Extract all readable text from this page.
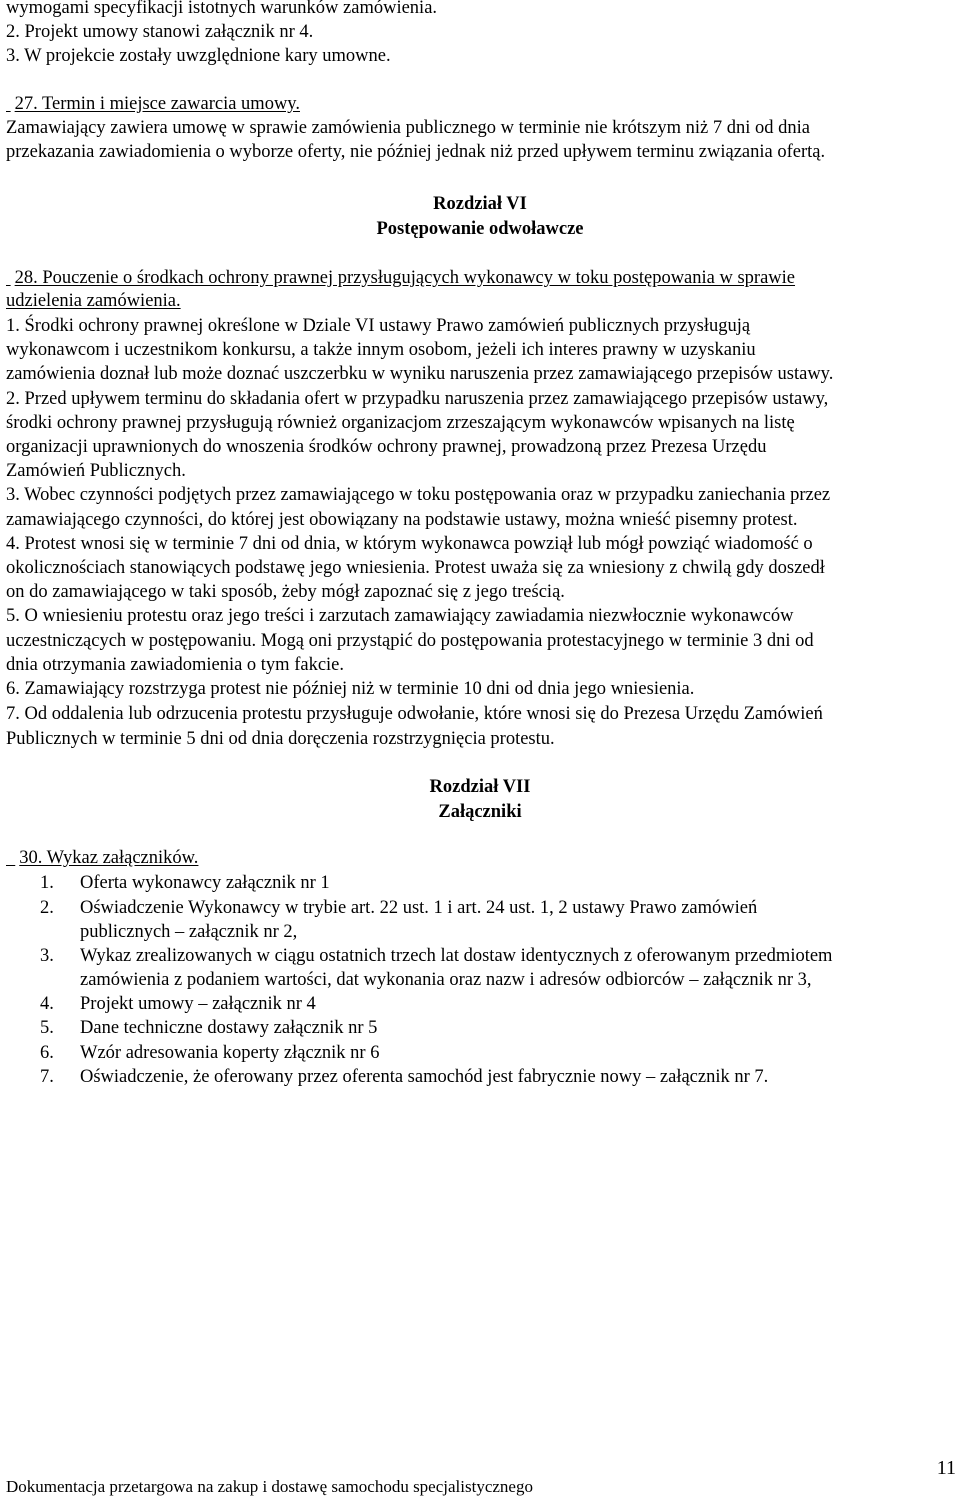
wymogami specyfikacji istotnych warunków zamówienia.
2. Projekt umowy stanowi załącznik nr 4.
3. W projekcie zostały uwzględnione kary umowne.
27. Termin i miejsce zawarcia umowy.
Zamawiający zawiera umowę w sprawie zamówienia publicznego w terminie nie krótszym niż 7 dni od dnia
przekazania zawiadomienia o wyborze oferty, nie później jednak niż przed upływem terminu związania ofertą.
Rozdział VI
Postępowanie odwoławcze
28. Pouczenie o środkach ochrony prawnej przysługujących wykonawcy w toku postępowania w sprawie
udzielenia zamówienia.
1. Środki ochrony prawnej określone w Dziale VI ustawy Prawo zamówień publicznych przysługują
wykonawcom i uczestnikom konkursu, a także innym osobom, jeżeli ich interes prawny w uzyskaniu
zamówienia doznał lub może doznać uszczerbku w wyniku naruszenia przez zamawiającego przepisów ustawy.
2. Przed upływem terminu do składania ofert w przypadku naruszenia przez zamawiającego przepisów ustawy,
środki ochrony prawnej przysługują również organizacjom zrzeszającym wykonawców wpisanych na listę
organizacji uprawnionych do wnoszenia środków ochrony prawnej, prowadzoną przez Prezesa Urzędu
Zamówień Publicznych.
3. Wobec czynności podjętych przez zamawiającego w toku postępowania oraz w przypadku zaniechania przez
zamawiającego czynności, do której jest obowiązany na podstawie ustawy, można wnieść pisemny protest.
4. Protest wnosi się w terminie 7 dni od dnia, w którym wykonawca powziął lub mógł powziąć wiadomość o
okolicznościach stanowiących podstawę jego wniesienia. Protest uważa się za wniesiony z chwilą gdy doszedł
on do zamawiającego w taki sposób, żeby mógł zapoznać się z jego treścią.
5. O wniesieniu protestu oraz jego treści i zarzutach zamawiający zawiadamia niezwłocznie wykonawców
uczestniczących w postępowaniu. Mogą oni przystąpić do postępowania protestacyjnego w terminie 3 dni od
dnia otrzymania zawiadomienia o tym fakcie.
6. Zamawiający rozstrzyga protest nie później niż w terminie 10 dni od dnia jego wniesienia.
7. Od oddalenia lub odrzucenia protestu przysługuje odwołanie, które wnosi się do Prezesa Urzędu Zamówień
Publicznych w terminie 5 dni od dnia doręczenia rozstrzygnięcia protestu.
Rozdział VII
Załączniki
30. Wykaz załączników.
1. Oferta wykonawcy załącznik nr 1
2. Oświadczenie Wykonawcy w trybie art. 22 ust. 1 i art. 24 ust. 1, 2 ustawy Prawo zamówień
publicznych – załącznik nr 2,
3. Wykaz zrealizowanych w ciągu ostatnich trzech lat dostaw identycznych z oferowanym przedmiotem
zamówienia z podaniem wartości, dat wykonania oraz nazw i adresów odbiorców – załącznik nr 3,
4. Projekt umowy – załącznik nr 4
5. Dane techniczne dostawy załącznik nr 5
6. Wzór adresowania koperty złącznik nr 6
7. Oświadczenie, że oferowany przez oferenta samochód jest fabrycznie nowy – załącznik nr 7.
11
Dokumentacja przetargowa na zakup i dostawę samochodu specjalistycznego
